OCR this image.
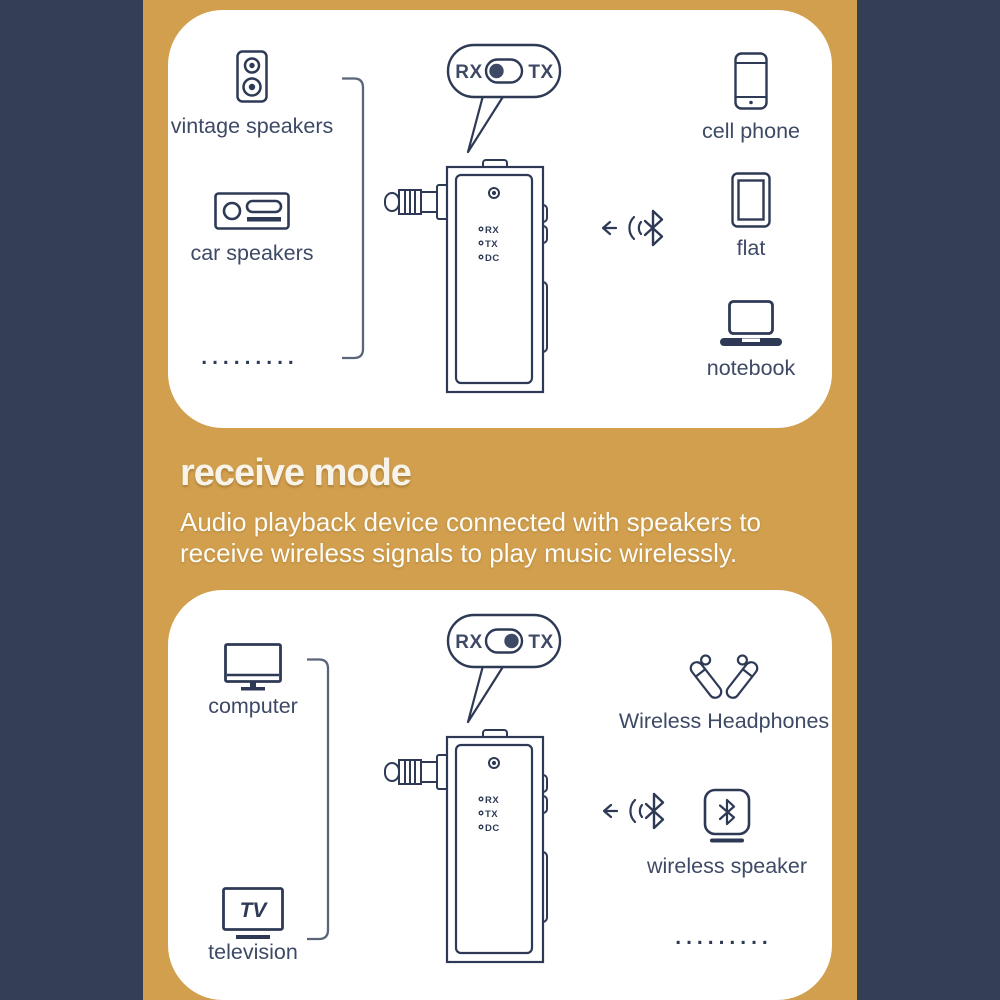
vintage speakers
car speakers
.........
RX TX
RX
TX
DC
cell phone
flat
notebook
receive mode
Audio playback device connected with speakers to
receive wireless signals to play music wirelessly.
computer
TV
television
RX TX
RX
TX
DC
Wireless Headphones
wireless speaker
.........
